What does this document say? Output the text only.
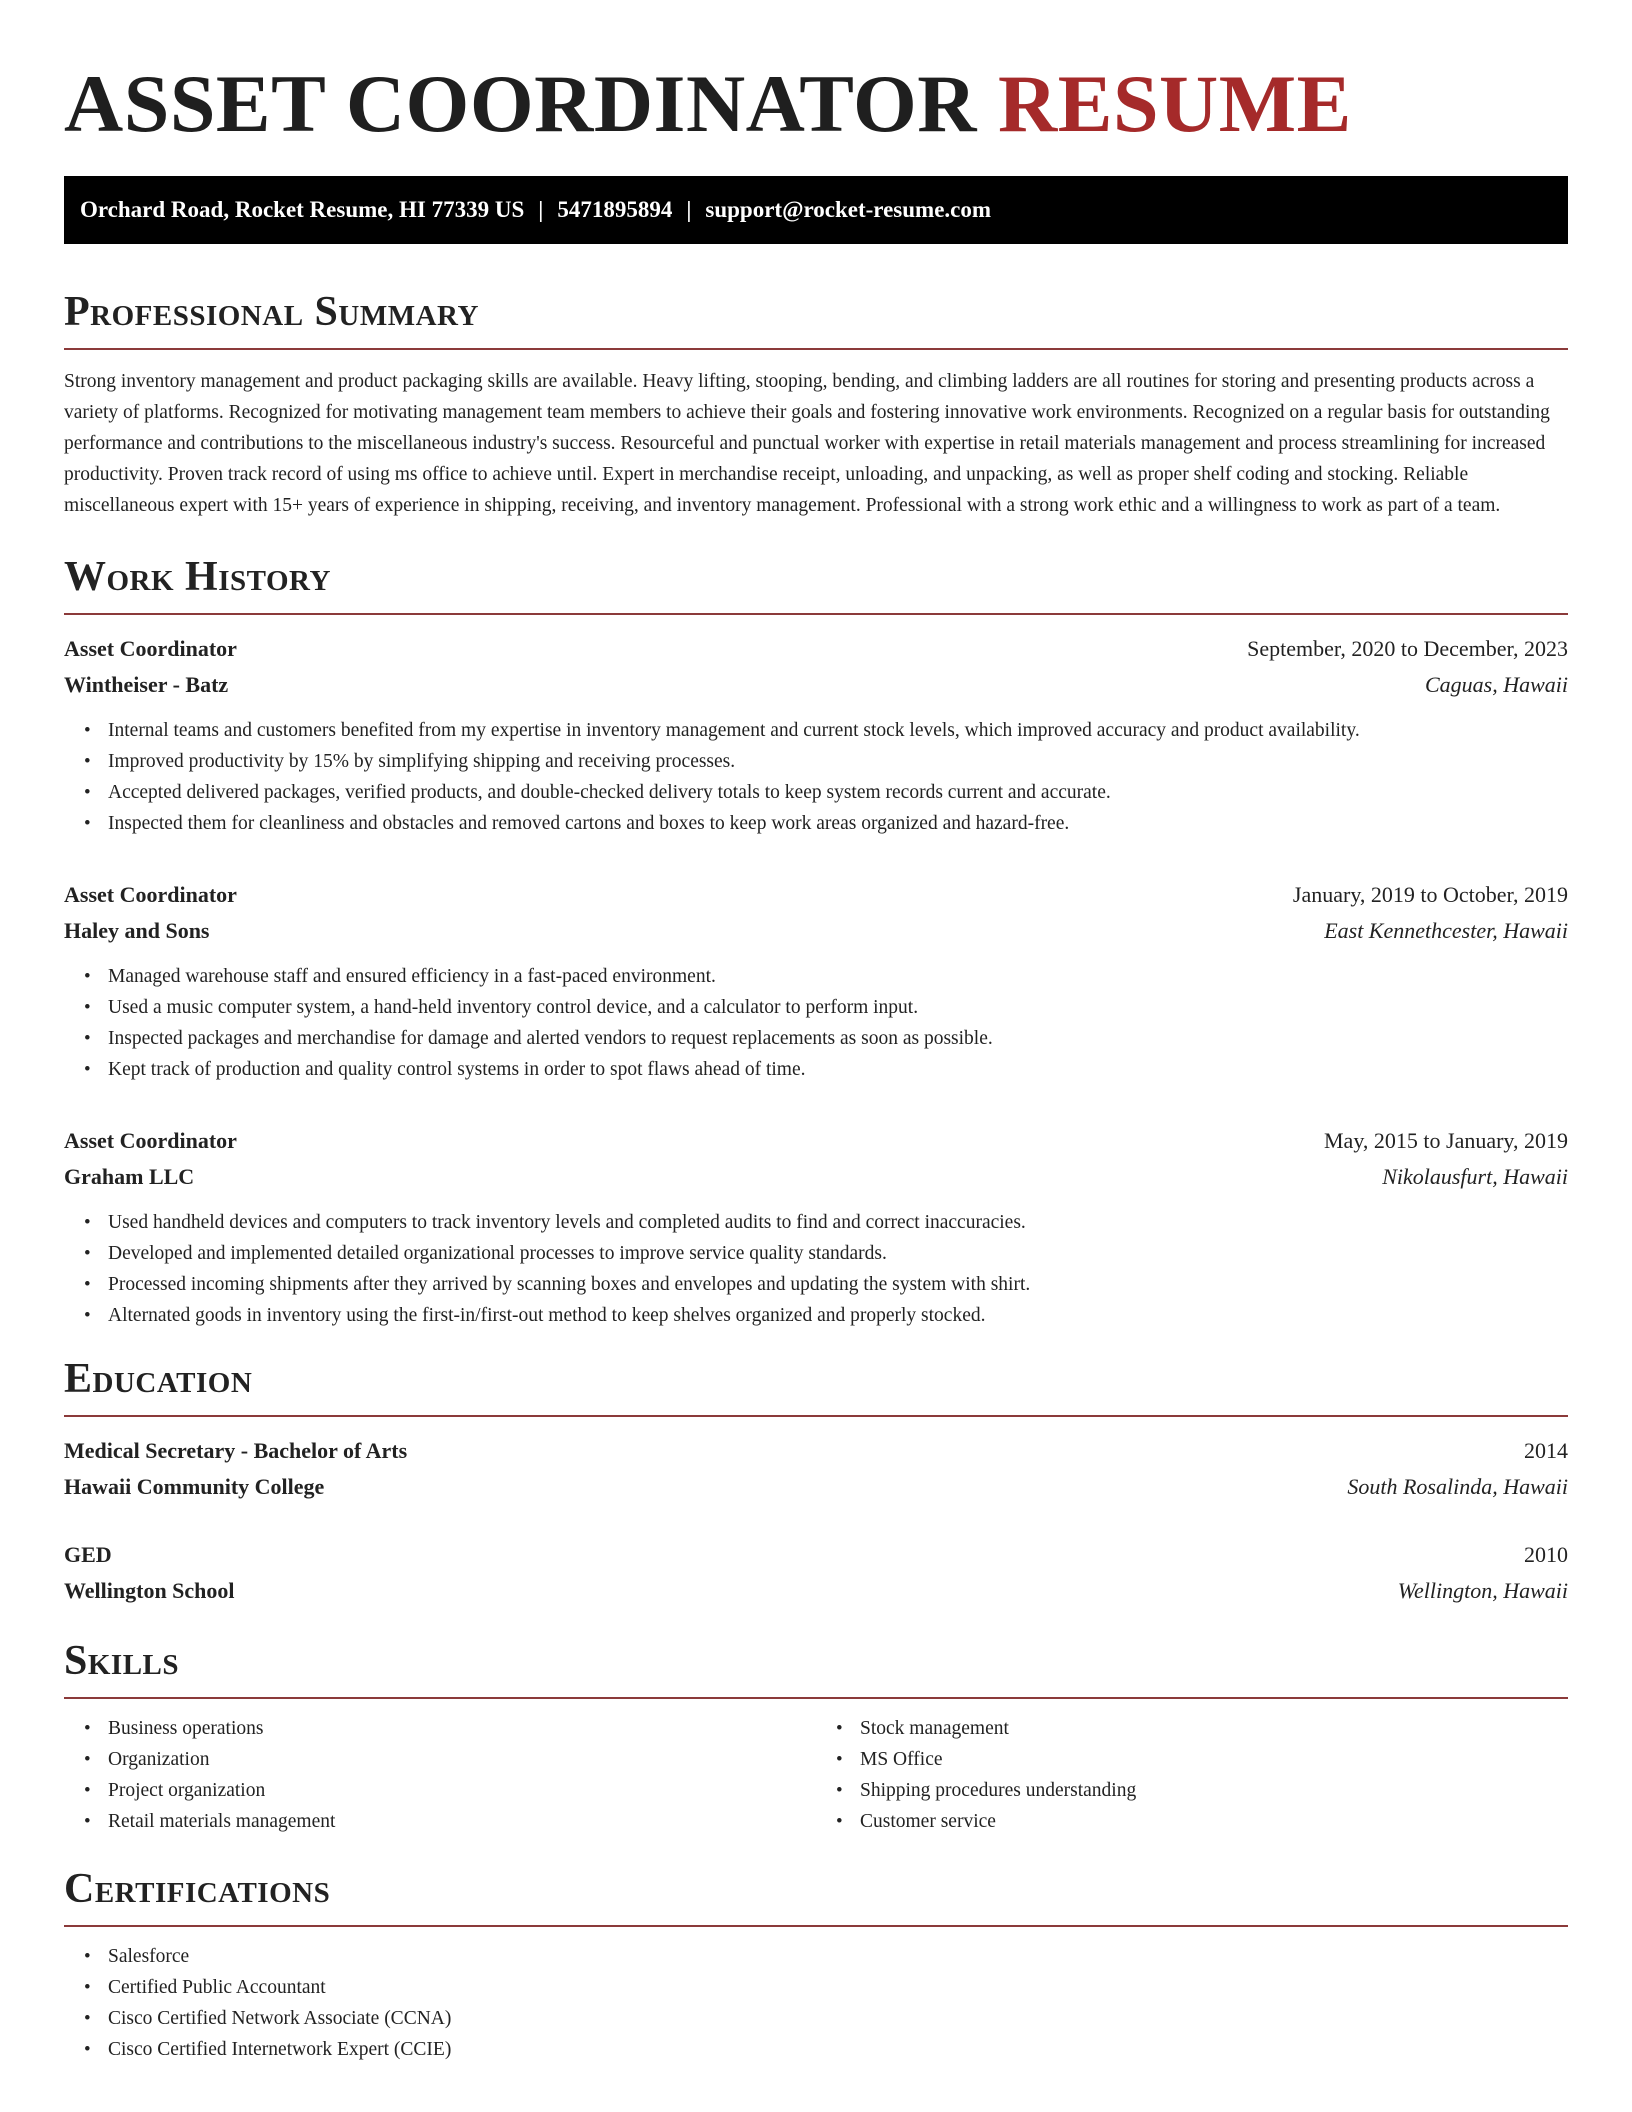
ASSET COORDINATOR RESUME
Orchard Road, Rocket Resume, HI 77339 US | 5471895894 | support@rocket-resume.com
Professional Summary

Strong inventory management and product packaging skills are available. Heavy lifting, stooping, bending, and climbing ladders are all routines for storing and presenting products across a variety of platforms. Recognized for motivating management team members to achieve their goals and fostering innovative work environments. Recognized on a regular basis for outstanding performance and contributions to the miscellaneous industry's success. Resourceful and punctual worker with expertise in retail materials management and process streamlining for increased productivity. Proven track record of using ms office to achieve until. Expert in merchandise receipt, unloading, and unpacking, as well as proper shelf coding and stocking. Reliable miscellaneous expert with 15+ years of experience in shipping, receiving, and inventory management. Professional with a strong work ethic and a willingness to work as part of a team.

Work History
Asset Coordinator	September, 2020 to December, 2023
Wintheiser - Batz	Caguas, Hawaii
• Internal teams and customers benefited from my expertise in inventory management and current stock levels, which improved accuracy and product availability.
• Improved productivity by 15% by simplifying shipping and receiving processes.
• Accepted delivered packages, verified products, and double-checked delivery totals to keep system records current and accurate.
• Inspected them for cleanliness and obstacles and removed cartons and boxes to keep work areas organized and hazard-free.
Asset Coordinator	January, 2019 to October, 2019
Haley and Sons	East Kennethcester, Hawaii
• Managed warehouse staff and ensured efficiency in a fast-paced environment.
• Used a music computer system, a hand-held inventory control device, and a calculator to perform input.
• Inspected packages and merchandise for damage and alerted vendors to request replacements as soon as possible.
• Kept track of production and quality control systems in order to spot flaws ahead of time.
Asset Coordinator	May, 2015 to January, 2019
Graham LLC	Nikolausfurt, Hawaii
• Used handheld devices and computers to track inventory levels and completed audits to find and correct inaccuracies.
• Developed and implemented detailed organizational processes to improve service quality standards.
• Processed incoming shipments after they arrived by scanning boxes and envelopes and updating the system with shirt.
• Alternated goods in inventory using the first-in/first-out method to keep shelves organized and properly stocked.
Education
Medical Secretary - Bachelor of Arts	2014
Hawaii Community College	South Rosalinda, Hawaii
GED	2010
Wellington School	Wellington, Hawaii
Skills
• Business operations
• Organization
• Project organization
• Retail materials management
• Stock management
• MS Office
• Shipping procedures understanding
• Customer service
Certifications
• Salesforce
• Certified Public Accountant
• Cisco Certified Network Associate (CCNA)
• Cisco Certified Internetwork Expert (CCIE)
